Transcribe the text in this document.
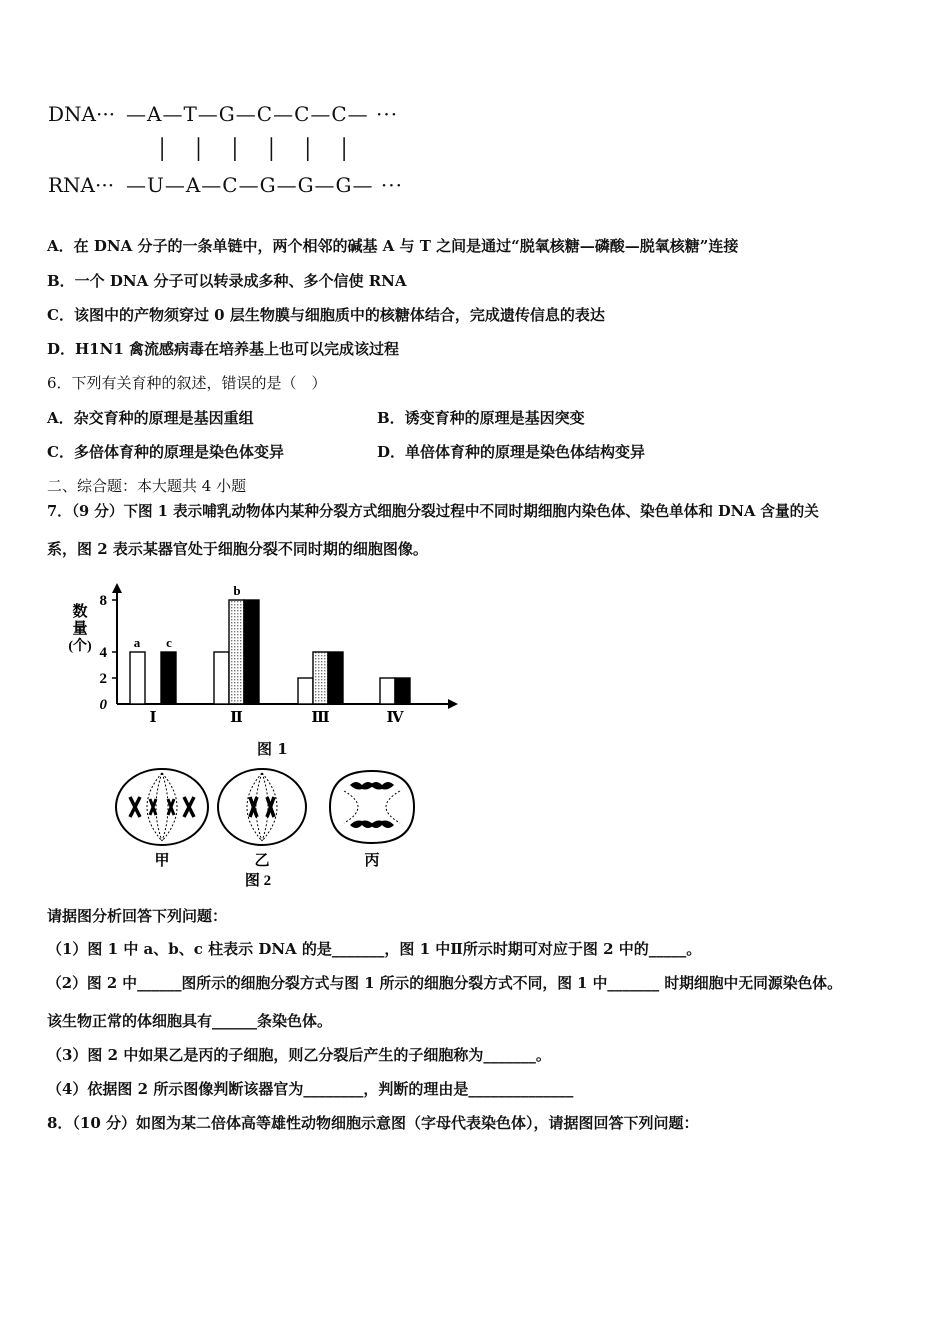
DNA··· —A—T—G—C—C—C— ···
│ │ │ │ │ │
RNA··· —U—A—C—G—G—G— ···
A．在 DNA 分子的一条单链中，两个相邻的碱基 A 与 T 之间是通过“脱氧核糖—磷酸—脱氧核糖”连接
B．一个 DNA 分子可以转录成多种、多个信使 RNA
C．该图中的产物须穿过 0 层生物膜与细胞质中的核糖体结合，完成遗传信息的表达
D．H1N1 禽流感病毒在培养基上也可以完成该过程
6．下列有关育种的叙述，错误的是（　）
A．杂交育种的原理是基因重组	B．诱变育种的原理是基因突变
C．多倍体育种的原理是染色体变异	D．单倍体育种的原理是染色体结构变异
二、综合题：本大题共 4 小题
7．（9 分）下图 1 表示哺乳动物体内某种分裂方式细胞分裂过程中不同时期细胞内染色体、染色单体和 DNA 含量的关
系，图 2 表示某器官处于细胞分裂不同时期的细胞图像。
数
量
(个)
0
2
4
8
Ⅰ	Ⅱ	Ⅲ	Ⅳ
a c
b
图 1
甲	乙	丙
图 2
请据图分析回答下列问题：
（1）图 1 中 a、b、c 柱表示 DNA 的是_______，图 1 中Ⅱ所示时期可对应于图 2 中的_____。
（2）图 2 中______图所示的细胞分裂方式与图 1 所示的细胞分裂方式不同，图 1 中_______ 时期细胞中无同源染色体。
该生物正常的体细胞具有______条染色体。
（3）图 2 中如果乙是丙的子细胞，则乙分裂后产生的子细胞称为_______。
（4）依据图 2 所示图像判断该器官为________，判断的理由是______________
8．（10 分）如图为某二倍体高等雄性动物细胞示意图（字母代表染色体），请据图回答下列问题：
